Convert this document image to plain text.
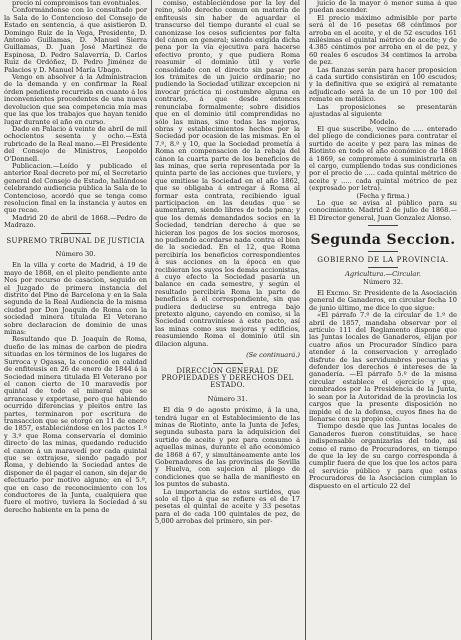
precio ni compromisos tan evontuales.

Conformándonse con lo consultado por la Sala de lo Contencioso del Consejo de Estado en sentencia, á que asistieron D. Domingo Ruiz de la Vega, Presidente, D. Antonio Guillamas, D. Manuel Sierra Guillamas, D. Juan José Martinez de Espinosa, D. Pedro Salaverría, D. Carlos Ruiz de Ordóñez, D. Pedro Jiménez de Palacios y D. Manuel María Ubago.

Vengo en absolver á la Administracion de la demanda y en confirmar la Real órden pendiente recurrida en cuanto á los inconvenientes procedentes de una nueva devolucion que sea competencia mía mas que las que los trabajos que hayan tenido lugar durante el año en curso.

Dado en Palacio á veinte de abril de mil ochocientos sesenta y ocho.—Está rubricado de la Real mano.—El Presidente del Consejo de Ministros, Leopoldo O'Donnell.

Publicacion.—Leído y publicado el anterior Real decreto por mí, el Secretario general del Consejo de Estado, hallándose celebrando audiencia pública la Sala de lo Contencioso, acordó que se tenga como resolucion final en la instancia y autos en que recae.

Madrid 20 de abril de 1868.—Pedro de Madrazo.

SUPREMO TRIBUNAL DE JUSTICIA

Número 30.

En la villa y corte de Madrid, á 19 de mayo de 1868, en el pleito pendiente ante Nos por recurso de casacion, seguido en el Juzgado de primera instancia del distrito del Pino de Barcelona y en la Sala segunda de la Real Audiencia de la misma ciudad por Don Joaquín de Roma con la sociedad minera titulada El Veterano sobre declaracion de dominio de unas minas:

Resultando que D. Joaquín de Roma, dueño de las minas de carbon de piedra situadas en los términos de los lugares de Surroca y Ogassa, la concedió en calidad de enfiteusis en 26 de enero de 1844 á la Sociedad minera titulada El Veterano por el canon cierto de 10 maravedís por quintal de todo el mineral que se arrancase y exportase, pero que habiendo ocurrido diferencias y pleitos entre las partes, terminaron por escritura de transaccion que se otorgó en 11 de enero de 1857, estableciéndose en los pactos 1.º y 3.º que Roma conservaría el dominio directo de las minas, quedando reducido el canon á un maravedí por cada quintal que se extrajese, siendo pagado por Roma, y debiendo la Sociedad antes de disponer de él pagar el canon, sin dejar de efectuarlo por motivo alguno; en el 5.º, que en caso de reconocimiento con los conductores de la Junta, cualquiera que fuere el motivo, tuviera la Sociedad á su derecho habiente en la pena de

comiso, estableciéndose por la ley del reino, sólo derecho comun en materia de enfiteusis sin haber de aguardar el transcurso del tiempo durante el cual se canonizase los cesos suficientes por falta del cánon en general; siendo exigida dicha pena por la vía ejecutiva para hacerse efectivo pronto, y que pudiera Roma reasumir el dominio útil y verle consolidado con el directo sin pasar por los trámites de un juicio ordinario; no pudiendo la Sociedad utilizar excepcion ni invocar práctica ni costumbre alguna en contrario, á que desde entonces renunciaba formalmente; sobre disidios que en el dominio útil comprendidas no sólo las minas, sino todas las mejoras, obras y establecimientos hechos por la Sociedad por ocasion de las mismas. En el 7.º, 8.º y 10, que la Sociedad prometía á Roma en compensacion de la rebaja del cánon la cuarta parte de los beneficios de las minas, que seria representada por la quinta parte de las acciones que tuviere, y que emitiese la Sociedad en el año 1862, que se obligaba á entregar á Roma al formar esta contrata, recibiendo igual participacion en las deudas que se aumentaren, siendo libres de toda pena; y que los demás demandados socios en la Sociedad, tendrían derecho á que se hicieran los pagos de los socios morosos, no pudiendo acordarse nada contra el bien de la sociedad. En el 12, que Roma percibiría los beneficios correspondientes á sus acciones en la época en que recibieran los suyos los demás accionistas, á cuyo efecto la Sociedad pasaría un balance en cada semestre, y según el resultado percibiría Roma la parte de beneficios á él correspondiente, sin que pudiera deducirse su entrega bajo pretexto alguno, cayendo en comiso, si la Sociedad contraviniese á este pacto, así las minas como sus mejoras y edificios, reasumiendo Roma el dominio útil sin dilacion alguna.

(Se continuará.)

DIRECCION GENERAL DE PROPIEDADES Y DERECHOS DEL ESTADO.

Número 31.

El día 9 de agosto próximo, á la una, tendrá lugar en el Establecimiento de las minas de Riotinto, ante la Junta de Jefes, segunda subasta para la adquisicion del surtido de aceite y pez para consumo á aquellas minas, durante el año económico de 1868 á 67, y simultáneamente ante los Gobernadores de las provincias de Sevilla y Huelva, con sujecion al pliego de condiciones que se halla de manifiesto en los puntos de subasta.

La importancia de estos surtidos, que solo el tipo á que se refiere es el de 17 pesetas el quintal de aceite y 33 pesetas para el de cada 100 quintales de pez, de 5,000 arrobas del primero, sin per-

juicio de la mayor ó menor suma á que puedan ascender.

El precio máximo admisible por parte será el de 16 pesetas 68 céntimos por arroba en el aceite, y el de 52 escudos 161 milésimas el quintal métrico de aceite; y de 4.385 céntimos por arroba en el de pez, y 60 reales 6 escudos 34 centimos la arroba de pez.

Las fianzas serán para hacer proposicion á cada surtido consistirán en 100 escudos; y la definitiva que se exigirá al rematante adjudicado será la de un 10 por 100 del remate en metálico.

Las proposiciones se presentarán ajustadas al siguiente

Modelo.

El que suscribe, vecino de ..... enterado del pliego de condiciones para contratar el surtido de aceite y pez para las minas de Riotinto en todo el año económico de 1868 á 1869, se compromete á suministrarla en el cargo, cumpliendo todas sus condiciones por el precio de ..... cada quintal métrico de aceite y ..... cada quintal métrico de pez (expresado por letra).

(Fecha y firma.)

Lo que se avisa al público para su conocimiento. Madrid 2 de julio de 1868.—El Director general, Juan Gonzalez Alonso.

Segunda Seccion.
GOBIERNO DE LA PROVINCIA.

Agricultura.—Circular.

Número 32.

El Excmo. Sr. Presidente de la Asociación general de Ganaderos, en circular fecha 10 de junio último, me dice lo que sigue:

«El párrafo 7.º de la circular de 1.º de abril de 1857, mandaba observar por el artículo 111 del Reglamento dispone que las Juntas locales de Ganaderos, elijan por cuatro años un Procurador Síndico para atender á la conservacion y arreglado disfrute de las servidumbres pecuarias y defender los derechos é intereses de la ganadería. —El párrafo 5.º de la misma circular establece el ejercicio y que, nombrados por la Presidencia de la Junta, lo sean por la Autoridad de la provincia los cargos que la presente disposición no impide el de la defensa, cuyos fines ha de llenarse con su propio celo.

Tiempo desde que las Juntas locales de Ganaderos fueron constituidas, se hace indispensable organizarlas del todo, así como el ramo de Procuradores, en tiempo de que la ley de su cargo corresponda á cumplir fuera de que los que los actos para el servicio público y para que estas Procuradores de la Asociacion cumplan lo dispuesto en el artículo 22 del
